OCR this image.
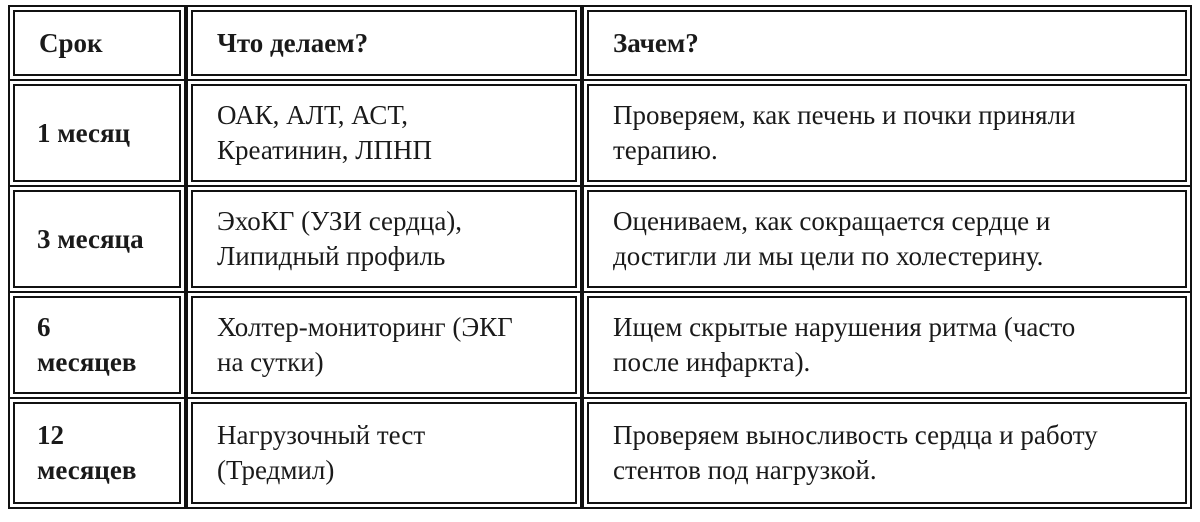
Срок	Что делаем?	Зачем?
1 месяц
ОАК, АЛТ, АСТ,
Креатинин, ЛПНП
Проверяем, как печень и почки приняли
терапию.
3 месяца
ЭхоКГ (УЗИ сердца),
Липидный профиль
Оцениваем, как сокращается сердце и
достигли ли мы цели по холестерину.
6
месяцев
Холтер-мониторинг (ЭКГ
на сутки)
Ищем скрытые нарушения ритма (часто
после инфаркта).
12
месяцев
Нагрузочный тест
(Тредмил)
Проверяем выносливость сердца и работу
стентов под нагрузкой.
